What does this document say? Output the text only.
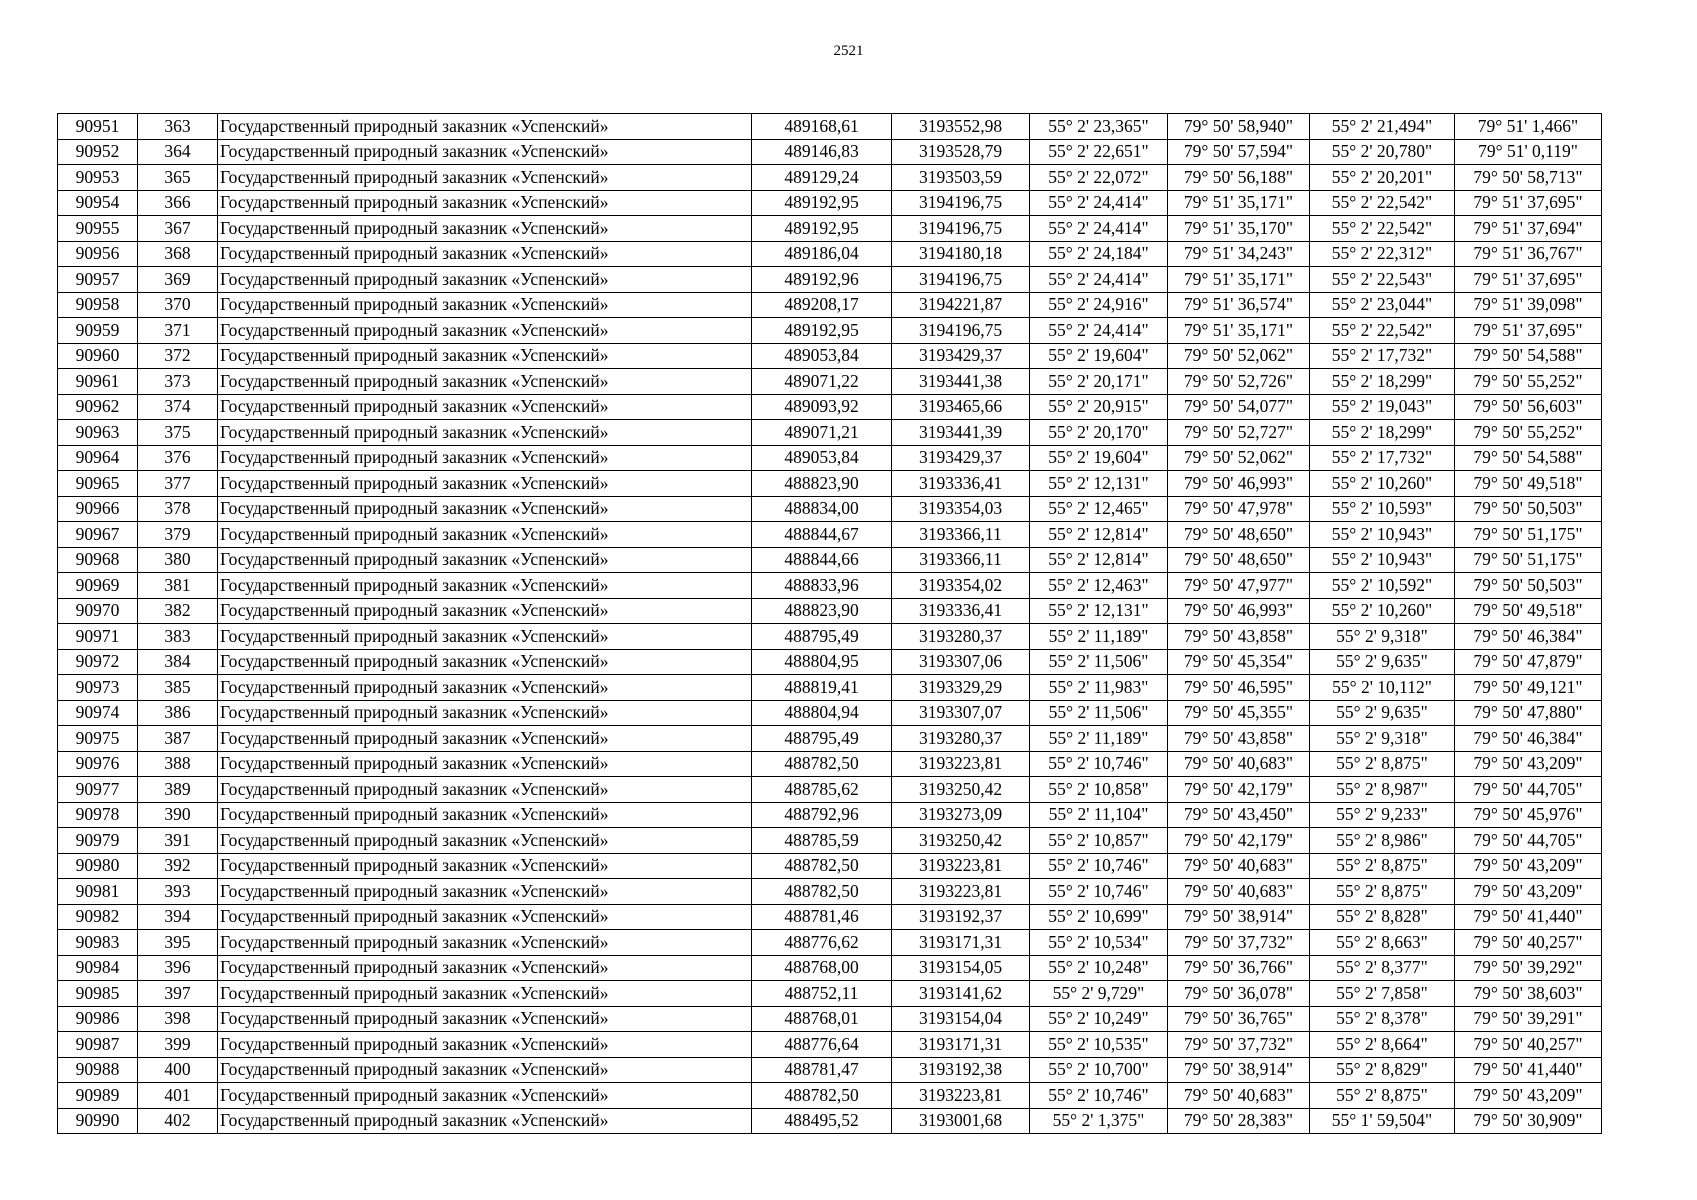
2521
90951	363	Государственный природный заказник «Успенский»	489168,61	3193552,98	55° 2' 23,365"	79° 50' 58,940"	55° 2' 21,494"	79° 51' 1,466"
90952	364	Государственный природный заказник «Успенский»	489146,83	3193528,79	55° 2' 22,651"	79° 50' 57,594"	55° 2' 20,780"	79° 51' 0,119"
90953	365	Государственный природный заказник «Успенский»	489129,24	3193503,59	55° 2' 22,072"	79° 50' 56,188"	55° 2' 20,201"	79° 50' 58,713"
90954	366	Государственный природный заказник «Успенский»	489192,95	3194196,75	55° 2' 24,414"	79° 51' 35,171"	55° 2' 22,542"	79° 51' 37,695"
90955	367	Государственный природный заказник «Успенский»	489192,95	3194196,75	55° 2' 24,414"	79° 51' 35,170"	55° 2' 22,542"	79° 51' 37,694"
90956	368	Государственный природный заказник «Успенский»	489186,04	3194180,18	55° 2' 24,184"	79° 51' 34,243"	55° 2' 22,312"	79° 51' 36,767"
90957	369	Государственный природный заказник «Успенский»	489192,96	3194196,75	55° 2' 24,414"	79° 51' 35,171"	55° 2' 22,543"	79° 51' 37,695"
90958	370	Государственный природный заказник «Успенский»	489208,17	3194221,87	55° 2' 24,916"	79° 51' 36,574"	55° 2' 23,044"	79° 51' 39,098"
90959	371	Государственный природный заказник «Успенский»	489192,95	3194196,75	55° 2' 24,414"	79° 51' 35,171"	55° 2' 22,542"	79° 51' 37,695"
90960	372	Государственный природный заказник «Успенский»	489053,84	3193429,37	55° 2' 19,604"	79° 50' 52,062"	55° 2' 17,732"	79° 50' 54,588"
90961	373	Государственный природный заказник «Успенский»	489071,22	3193441,38	55° 2' 20,171"	79° 50' 52,726"	55° 2' 18,299"	79° 50' 55,252"
90962	374	Государственный природный заказник «Успенский»	489093,92	3193465,66	55° 2' 20,915"	79° 50' 54,077"	55° 2' 19,043"	79° 50' 56,603"
90963	375	Государственный природный заказник «Успенский»	489071,21	3193441,39	55° 2' 20,170"	79° 50' 52,727"	55° 2' 18,299"	79° 50' 55,252"
90964	376	Государственный природный заказник «Успенский»	489053,84	3193429,37	55° 2' 19,604"	79° 50' 52,062"	55° 2' 17,732"	79° 50' 54,588"
90965	377	Государственный природный заказник «Успенский»	488823,90	3193336,41	55° 2' 12,131"	79° 50' 46,993"	55° 2' 10,260"	79° 50' 49,518"
90966	378	Государственный природный заказник «Успенский»	488834,00	3193354,03	55° 2' 12,465"	79° 50' 47,978"	55° 2' 10,593"	79° 50' 50,503"
90967	379	Государственный природный заказник «Успенский»	488844,67	3193366,11	55° 2' 12,814"	79° 50' 48,650"	55° 2' 10,943"	79° 50' 51,175"
90968	380	Государственный природный заказник «Успенский»	488844,66	3193366,11	55° 2' 12,814"	79° 50' 48,650"	55° 2' 10,943"	79° 50' 51,175"
90969	381	Государственный природный заказник «Успенский»	488833,96	3193354,02	55° 2' 12,463"	79° 50' 47,977"	55° 2' 10,592"	79° 50' 50,503"
90970	382	Государственный природный заказник «Успенский»	488823,90	3193336,41	55° 2' 12,131"	79° 50' 46,993"	55° 2' 10,260"	79° 50' 49,518"
90971	383	Государственный природный заказник «Успенский»	488795,49	3193280,37	55° 2' 11,189"	79° 50' 43,858"	55° 2' 9,318"	79° 50' 46,384"
90972	384	Государственный природный заказник «Успенский»	488804,95	3193307,06	55° 2' 11,506"	79° 50' 45,354"	55° 2' 9,635"	79° 50' 47,879"
90973	385	Государственный природный заказник «Успенский»	488819,41	3193329,29	55° 2' 11,983"	79° 50' 46,595"	55° 2' 10,112"	79° 50' 49,121"
90974	386	Государственный природный заказник «Успенский»	488804,94	3193307,07	55° 2' 11,506"	79° 50' 45,355"	55° 2' 9,635"	79° 50' 47,880"
90975	387	Государственный природный заказник «Успенский»	488795,49	3193280,37	55° 2' 11,189"	79° 50' 43,858"	55° 2' 9,318"	79° 50' 46,384"
90976	388	Государственный природный заказник «Успенский»	488782,50	3193223,81	55° 2' 10,746"	79° 50' 40,683"	55° 2' 8,875"	79° 50' 43,209"
90977	389	Государственный природный заказник «Успенский»	488785,62	3193250,42	55° 2' 10,858"	79° 50' 42,179"	55° 2' 8,987"	79° 50' 44,705"
90978	390	Государственный природный заказник «Успенский»	488792,96	3193273,09	55° 2' 11,104"	79° 50' 43,450"	55° 2' 9,233"	79° 50' 45,976"
90979	391	Государственный природный заказник «Успенский»	488785,59	3193250,42	55° 2' 10,857"	79° 50' 42,179"	55° 2' 8,986"	79° 50' 44,705"
90980	392	Государственный природный заказник «Успенский»	488782,50	3193223,81	55° 2' 10,746"	79° 50' 40,683"	55° 2' 8,875"	79° 50' 43,209"
90981	393	Государственный природный заказник «Успенский»	488782,50	3193223,81	55° 2' 10,746"	79° 50' 40,683"	55° 2' 8,875"	79° 50' 43,209"
90982	394	Государственный природный заказник «Успенский»	488781,46	3193192,37	55° 2' 10,699"	79° 50' 38,914"	55° 2' 8,828"	79° 50' 41,440"
90983	395	Государственный природный заказник «Успенский»	488776,62	3193171,31	55° 2' 10,534"	79° 50' 37,732"	55° 2' 8,663"	79° 50' 40,257"
90984	396	Государственный природный заказник «Успенский»	488768,00	3193154,05	55° 2' 10,248"	79° 50' 36,766"	55° 2' 8,377"	79° 50' 39,292"
90985	397	Государственный природный заказник «Успенский»	488752,11	3193141,62	55° 2' 9,729"	79° 50' 36,078"	55° 2' 7,858"	79° 50' 38,603"
90986	398	Государственный природный заказник «Успенский»	488768,01	3193154,04	55° 2' 10,249"	79° 50' 36,765"	55° 2' 8,378"	79° 50' 39,291"
90987	399	Государственный природный заказник «Успенский»	488776,64	3193171,31	55° 2' 10,535"	79° 50' 37,732"	55° 2' 8,664"	79° 50' 40,257"
90988	400	Государственный природный заказник «Успенский»	488781,47	3193192,38	55° 2' 10,700"	79° 50' 38,914"	55° 2' 8,829"	79° 50' 41,440"
90989	401	Государственный природный заказник «Успенский»	488782,50	3193223,81	55° 2' 10,746"	79° 50' 40,683"	55° 2' 8,875"	79° 50' 43,209"
90990	402	Государственный природный заказник «Успенский»	488495,52	3193001,68	55° 2' 1,375"	79° 50' 28,383"	55° 1' 59,504"	79° 50' 30,909"
